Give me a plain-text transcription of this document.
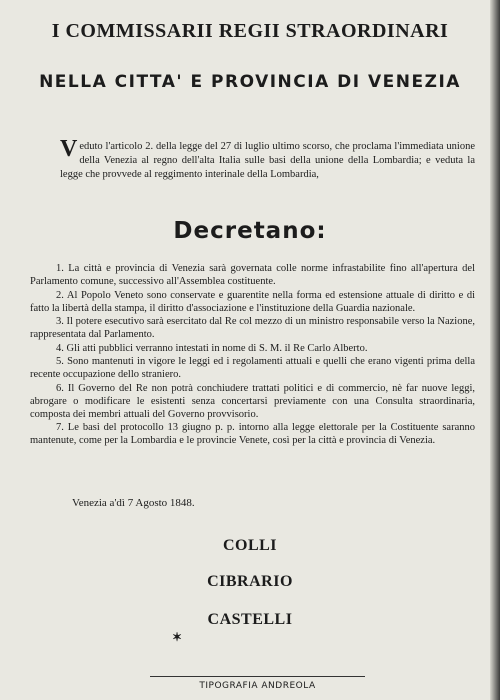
I COMMISSARII REGII STRAORDINARI
NELLA CITTA' E PROVINCIA DI VENEZIA
Veduto l'articolo 2. della legge del 27 di luglio ultimo scorso, che proclama l'immediata unione della Venezia al regno dell'alta Italia sulle basi della unione della Lombardia; e veduta la legge che provvede al reggimento interinale della Lombardia,
Decretano:

1. La città e provincia di Venezia sarà governata colle norme infrastabilite fino all'apertura del Parlamento comune, successivo all'Assemblea costituente.

2. Al Popolo Veneto sono conservate e guarentite nella forma ed estensione attuale di diritto e di fatto la libertà della stampa, il diritto d'associazione e l'instituzione della Guardia nazionale.

3. Il potere esecutivo sarà esercitato dal Re col mezzo di un ministro responsabile verso la Nazione, rappresentata dal Parlamento.

4. Gli atti pubblici verranno intestati in nome di S. M. il Re Carlo Alberto.

5. Sono mantenuti in vigore le leggi ed i regolamenti attuali e quelli che erano vigenti prima della recente occupazione dello straniero.

6. Il Governo del Re non potrà conchiudere trattati politici e di commercio, nè far nuove leggi, abrogare o modificare le esistenti senza concertarsi previamente con una Consulta straordinaria, composta dei membri attuali del Governo provvisorio.

7. Le basi del protocollo 13 giugno p. p. intorno alla legge elettorale per la Costituente saranno mantenute, come per la Lombardia e le provincie Venete, così per la città e provincia di Venezia.

Venezia a'dì 7 Agosto 1848.
COLLI
CIBRARIO
CASTELLI
✶
TIPOGRAFIA ANDREOLA
